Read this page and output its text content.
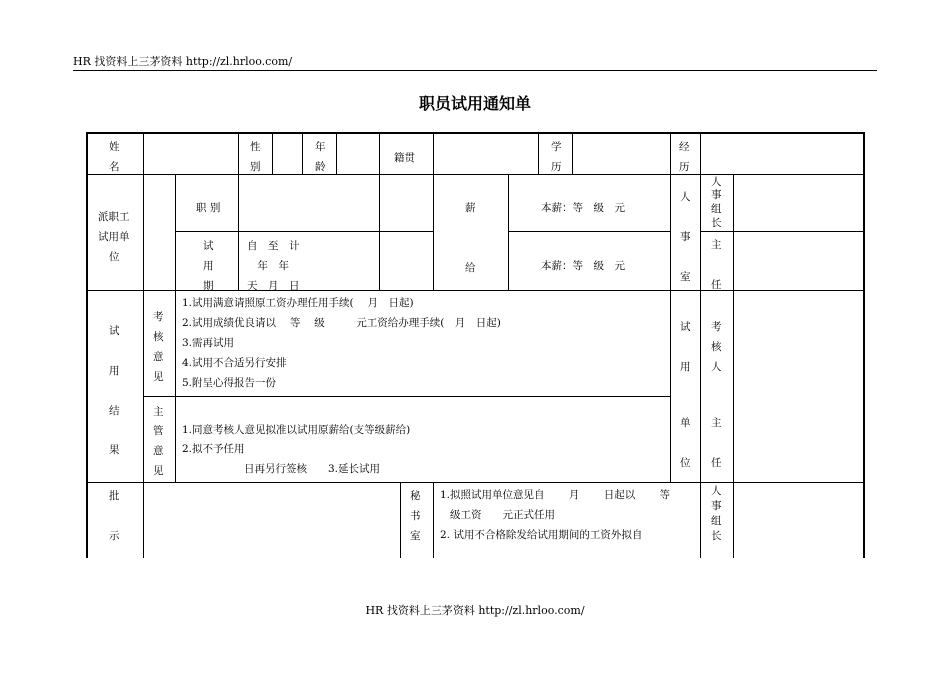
HR 找资料上三茅资料 http://zl.hrloo.com/
职员试用通知单
姓
名
性
别
年
龄
籍贯
学
历
经
历
派职工
试用单
位
职 别
试
用
期
自　至　计
　年　年
天　月　日
薪
给
本薪：等　级　元
本薪：等　级　元
人
事
室
人
事
组
长
主
任
试
用
结
果
考
核
意
见
1.试用满意请照原工资办理任用手续(　 月　日起)
2.试用成绩优良请以　 等　 级　　　元工资给办理手续(　月　日起)
3.需再试用
4.试用不合适另行安排
5.附呈心得报告一份
主
管
意
见
1.同意考核人意见拟准以试用原薪给(支等级薪给)
2.拟不予任用
日再另行签核　　3.延长试用
试
用
单
位
考
核
人
主
任
批
示
秘
书
室
1.拟照试用单位意见自　　 月　　 日起以　　 等
级工资　　元正式任用
2. 试用不合格除发给试用期间的工资外拟自
人
事
组
长
HR 找资料上三茅资料 http://zl.hrloo.com/
